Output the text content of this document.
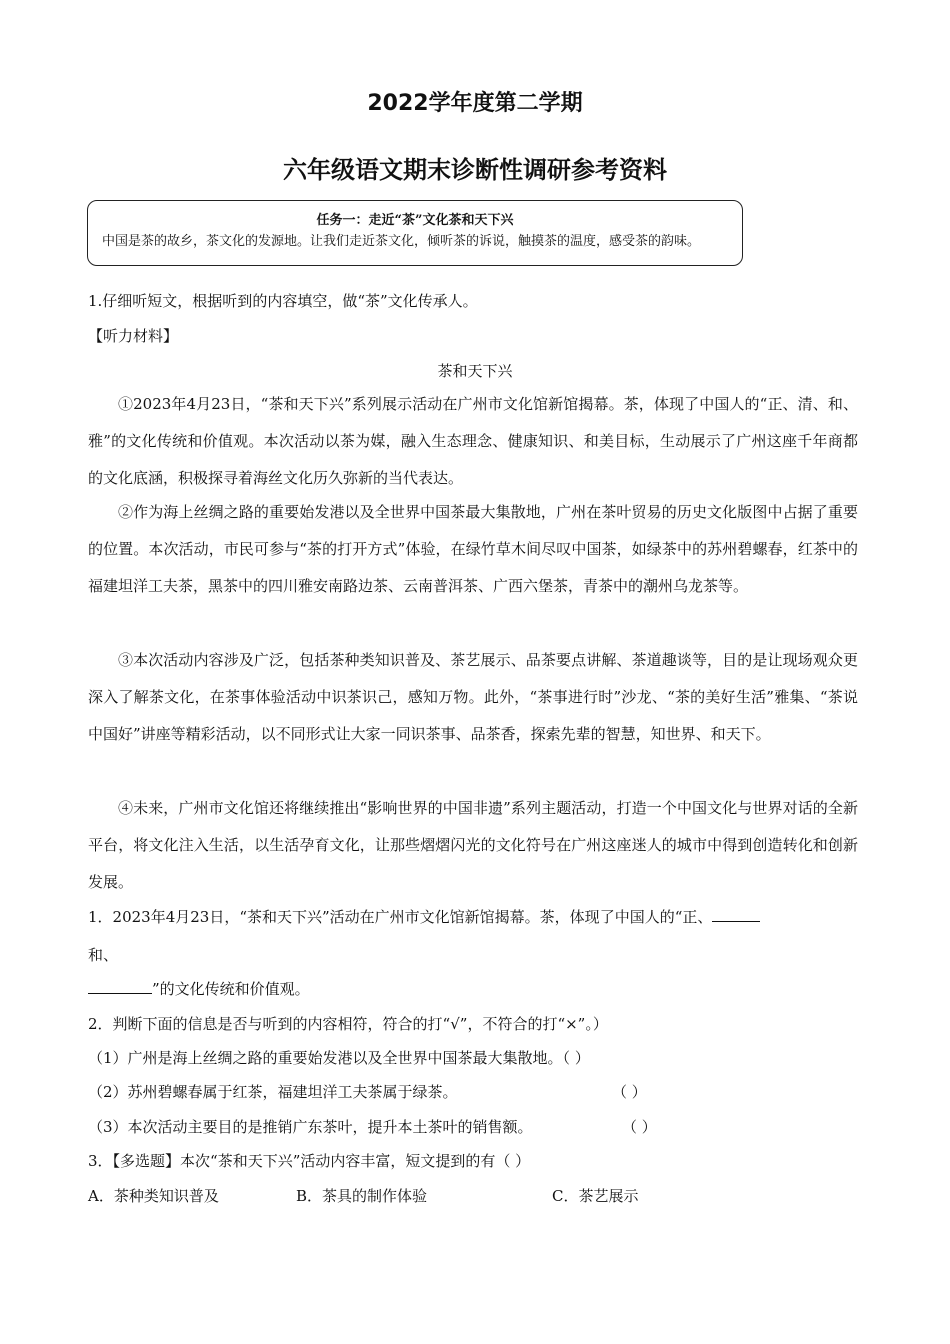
2022学年度第二学期
六年级语文期末诊断性调研参考资料
任务一：走近“茶”文化茶和天下兴
中国是茶的故乡，茶文化的发源地。让我们走近茶文化，倾听茶的诉说，触摸茶的温度，感受茶的韵味。
1.仔细听短文，根据听到的内容填空，做“茶”文化传承人。
【听力材料】
茶和天下兴
①2023年4月23日，“茶和天下兴”系列展示活动在广州市文化馆新馆揭幕。茶，体现了中国人的“正、清、和、雅”的文化传统和价值观。本次活动以茶为媒，融入生态理念、健康知识、和美目标，生动展示了广州这座千年商都的文化底涵，积极探寻着海丝文化历久弥新的当代表达。
②作为海上丝绸之路的重要始发港以及全世界中国茶最大集散地，广州在茶叶贸易的历史文化版图中占据了重要的位置。本次活动，市民可参与“茶的打开方式”体验，在绿竹草木间尽叹中国茶，如绿茶中的苏州碧螺春，红茶中的福建坦洋工夫茶，黑茶中的四川雅安南路边茶、云南普洱茶、广西六堡茶，青茶中的潮州乌龙茶等。
③本次活动内容涉及广泛，包括茶种类知识普及、茶艺展示、品茶要点讲解、茶道趣谈等，目的是让现场观众更深入了解茶文化，在茶事体验活动中识茶识己，感知万物。此外，“茶事进行时”沙龙、“茶的美好生活”雅集、“茶说中国好”讲座等精彩活动，以不同形式让大家一同识茶事、品茶香，探索先辈的智慧，知世界、和天下。
④未来，广州市文化馆还将继续推出“影响世界的中国非遗”系列主题活动，打造一个中国文化与世界对话的全新平台，将文化注入生活，以生活孕育文化，让那些熠熠闪光的文化符号在广州这座迷人的城市中得到创造转化和创新发展。
1．2023年4月23日，“茶和天下兴”活动在广州市文化馆新馆揭幕。茶，体现了中国人的“正、
和、
”的文化传统和价值观。
2．判断下面的信息是否与听到的内容相符，符合的打“√”，不符合的打“×”。）
（1）广州是海上丝绸之路的重要始发港以及全世界中国茶最大集散地。（ ）
（2）苏州碧螺春属于红茶，福建坦洋工夫茶属于绿茶。	（ ）
（3）本次活动主要目的是推销广东茶叶，提升本土茶叶的销售额。	（ ）
3．【多选题】本次“茶和天下兴”活动内容丰富，短文提到的有（ ）
A．茶种类知识普及	B．茶具的制作体验	C．茶艺展示
